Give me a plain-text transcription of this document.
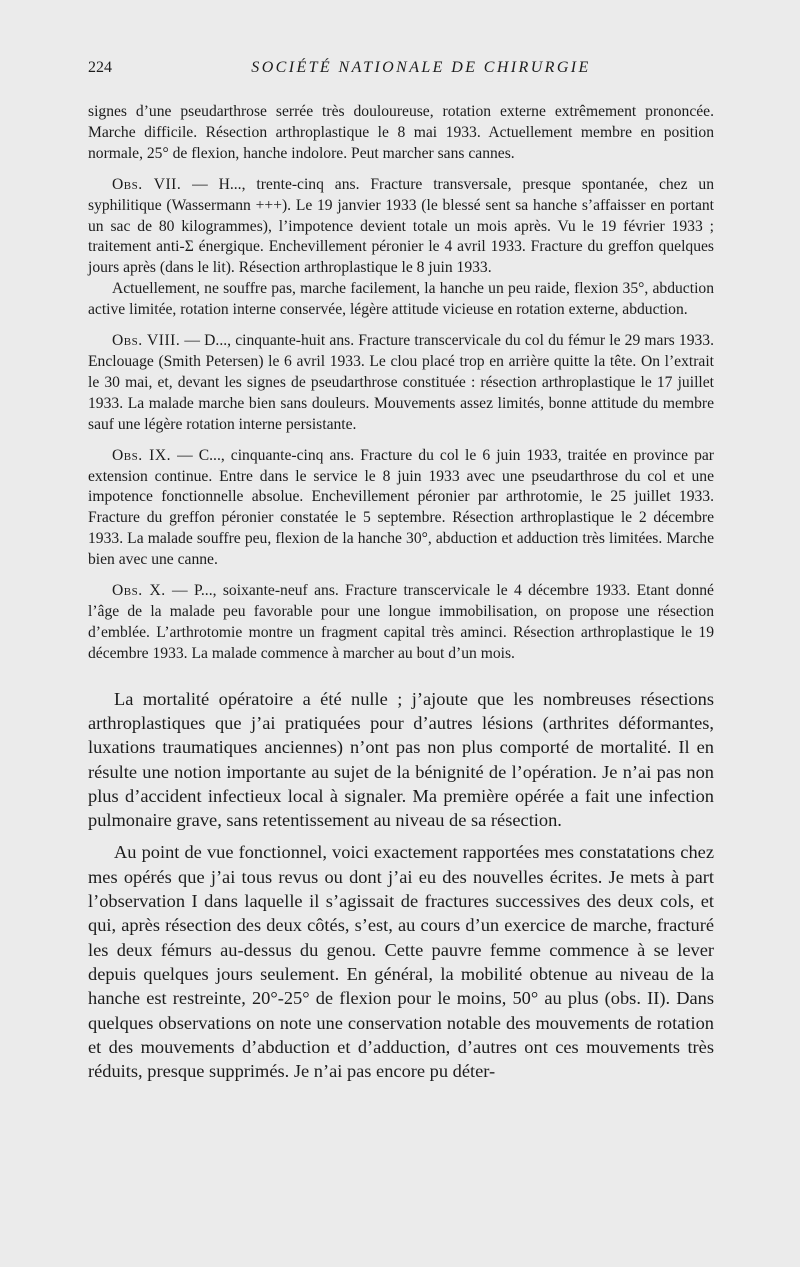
224	SOCIÉTÉ NATIONALE DE CHIRURGIE

signes d’une pseudarthrose serrée très douloureuse, rotation externe extrêmement prononcée. Marche difficile. Résection arthroplastique le 8 mai 1933. Actuellement membre en position normale, 25° de flexion, hanche indolore. Peut marcher sans cannes.

Obs. VII. — H..., trente-cinq ans. Fracture transversale, presque spontanée, chez un syphilitique (Wassermann +++). Le 19 janvier 1933 (le blessé sent sa hanche s’affaisser en portant un sac de 80 kilogrammes), l’impotence devient totale un mois après. Vu le 19 février 1933 ; traitement anti-Σ énergique. Enchevillement péronier le 4 avril 1933. Fracture du greffon quelques jours après (dans le lit). Résection arthroplastique le 8 juin 1933.

Actuellement, ne souffre pas, marche facilement, la hanche un peu raide, flexion 35°, abduction active limitée, rotation interne conservée, légère attitude vicieuse en rotation externe, abduction.

Obs. VIII. — D..., cinquante-huit ans. Fracture transcervicale du col du fémur le 29 mars 1933. Enclouage (Smith Petersen) le 6 avril 1933. Le clou placé trop en arrière quitte la tête. On l’extrait le 30 mai, et, devant les signes de pseudarthrose constituée : résection arthroplastique le 17 juillet 1933. La malade marche bien sans douleurs. Mouvements assez limités, bonne attitude du membre sauf une légère rotation interne persistante.

Obs. IX. — C..., cinquante-cinq ans. Fracture du col le 6 juin 1933, traitée en province par extension continue. Entre dans le service le 8 juin 1933 avec une pseudarthrose du col et une impotence fonctionnelle absolue. Enchevillement péronier par arthrotomie, le 25 juillet 1933. Fracture du greffon péronier constatée le 5 septembre. Résection arthroplastique le 2 décembre 1933. La malade souffre peu, flexion de la hanche 30°, abduction et adduction très limitées. Marche bien avec une canne.

Obs. X. — P..., soixante-neuf ans. Fracture transcervicale le 4 décembre 1933. Etant donné l’âge de la malade peu favorable pour une longue immobilisation, on propose une résection d’emblée. L’arthrotomie montre un fragment capital très aminci. Résection arthroplastique le 19 décembre 1933. La malade commence à marcher au bout d’un mois.

La mortalité opératoire a été nulle ; j’ajoute que les nombreuses résections arthroplastiques que j’ai pratiquées pour d’autres lésions (arthrites déformantes, luxations traumatiques anciennes) n’ont pas non plus comporté de mortalité. Il en résulte une notion importante au sujet de la bénignité de l’opération. Je n’ai pas non plus d’accident infectieux local à signaler. Ma première opérée a fait une infection pulmonaire grave, sans retentissement au niveau de sa résection.

Au point de vue fonctionnel, voici exactement rapportées mes constatations chez mes opérés que j’ai tous revus ou dont j’ai eu des nouvelles écrites. Je mets à part l’observation I dans laquelle il s’agissait de fractures successives des deux cols, et qui, après résection des deux côtés, s’est, au cours d’un exercice de marche, fracturé les deux fémurs au-dessus du genou. Cette pauvre femme commence à se lever depuis quelques jours seulement. En général, la mobilité obtenue au niveau de la hanche est restreinte, 20°-25° de flexion pour le moins, 50° au plus (obs. II). Dans quelques observations on note une conservation notable des mouvements de rotation et des mouvements d’abduction et d’adduction, d’autres ont ces mouvements très réduits, presque supprimés. Je n’ai pas encore pu déter-
